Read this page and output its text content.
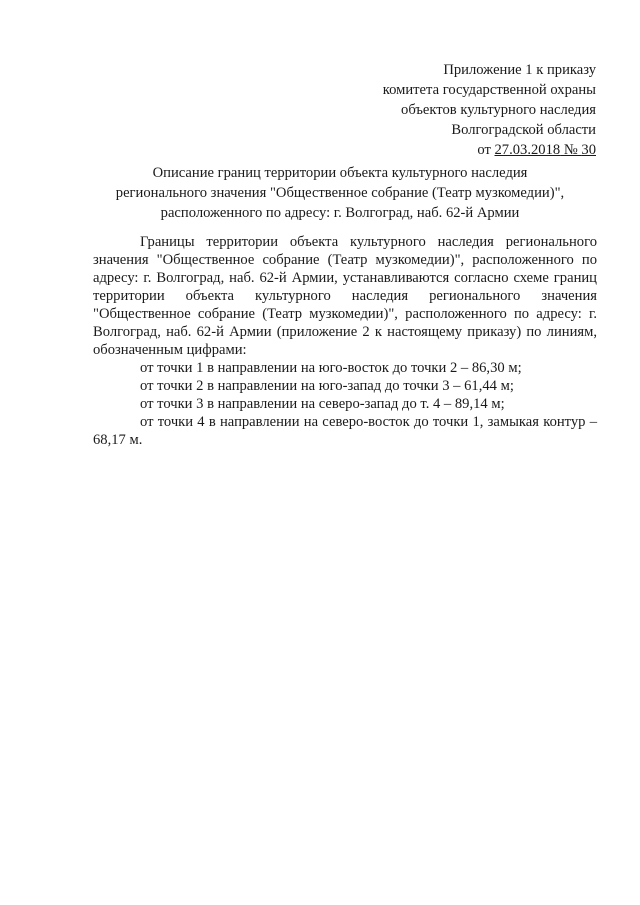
Приложение 1 к приказу
комитета государственной охраны
объектов культурного наследия
Волгоградской области
от 27.03.2018 № 30
Описание границ территории объекта культурного наследия
регионального значения "Общественное собрание (Театр музкомедии)",
расположенного по адресу: г. Волгоград, наб. 62-й Армии

Границы территории объекта культурного наследия регионального значения "Общественное собрание (Театр музкомедии)", расположенного по адресу: г. Волгоград, наб. 62-й Армии, устанавливаются согласно схеме границ территории объекта культурного наследия регионального значения "Общественное собрание (Театр музкомедии)", расположенного по адресу: г. Волгоград, наб. 62-й Армии (приложение 2 к настоящему приказу) по линиям, обозначенным цифрами:

от точки 1 в направлении на юго-восток до точки 2 – 86,30 м;

от точки 2 в направлении на юго-запад до точки 3 – 61,44 м;

от точки 3 в направлении на северо-запад до т. 4 – 89,14 м;

от точки 4 в направлении на северо-восток до точки 1, замыкая контур – 68,17 м.
